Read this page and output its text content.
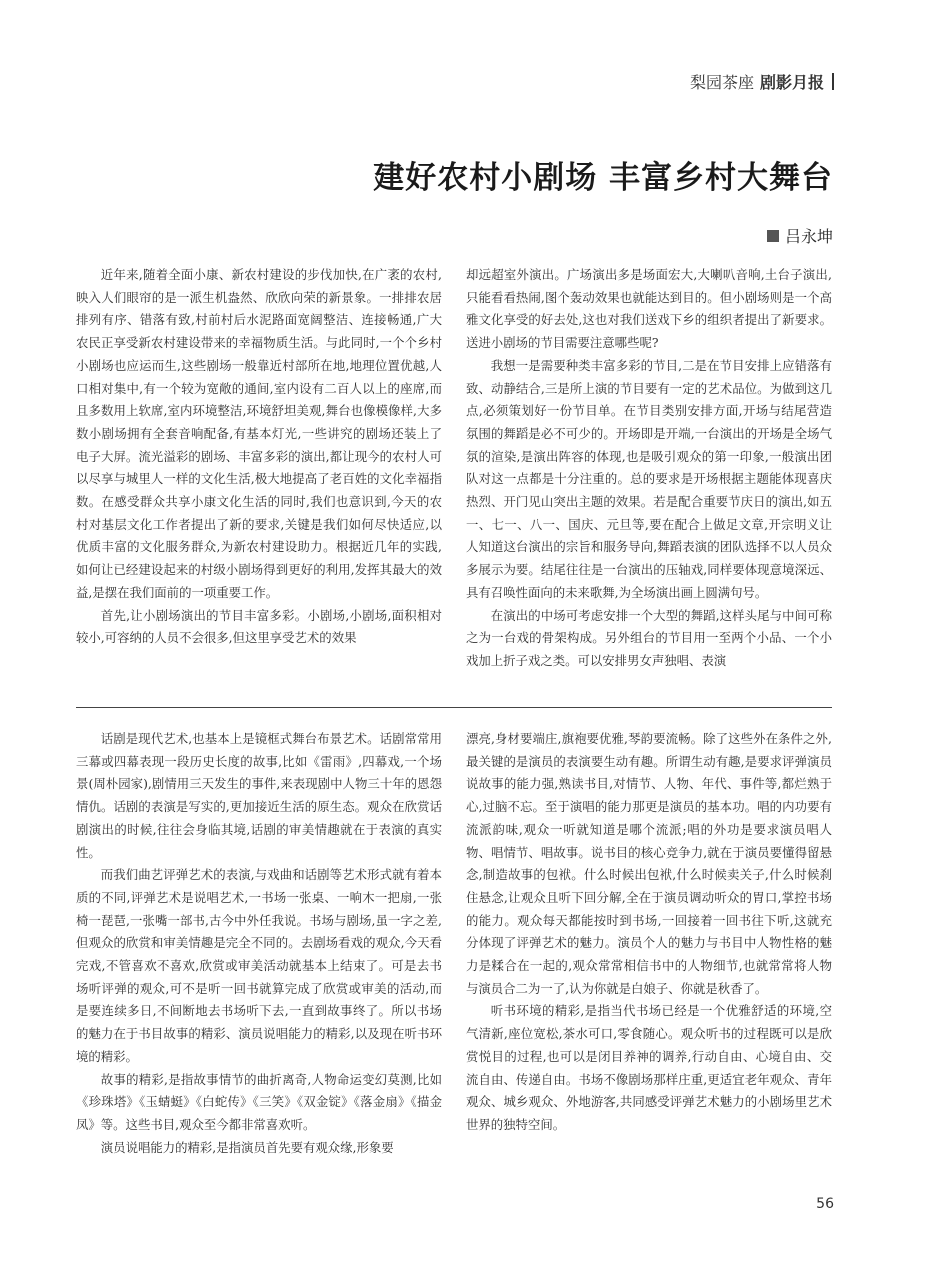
梨园茶座 剧影月报
建好农村小剧场 丰富乡村大舞台
吕永坤

近年来,随着全面小康、新农村建设的步伐加快,在广袤的农村,映入人们眼帘的是一派生机盎然、欣欣向荣的新景象。一排排农居排列有序、错落有致,村前村后水泥路面宽阔整洁、连接畅通,广大农民正享受新农村建设带来的幸福物质生活。与此同时,一个个乡村小剧场也应运而生,这些剧场一般靠近村部所在地,地理位置优越,人口相对集中,有一个较为宽敞的通间,室内设有二百人以上的座席,而且多数用上软席,室内环境整洁,环境舒坦美观,舞台也像模像样,大多数小剧场拥有全套音响配备,有基本灯光,一些讲究的剧场还装上了电子大屏。流光溢彩的剧场、丰富多彩的演出,都让现今的农村人可以尽享与城里人一样的文化生活,极大地提高了老百姓的文化幸福指数。在感受群众共享小康文化生活的同时,我们也意识到,今天的农村对基层文化工作者提出了新的要求,关键是我们如何尽快适应,以优质丰富的文化服务群众,为新农村建设助力。根据近几年的实践,如何让已经建设起来的村级小剧场得到更好的利用,发挥其最大的效益,是摆在我们面前的一项重要工作。

首先,让小剧场演出的节目丰富多彩。小剧场,小剧场,面积相对较小,可容纳的人员不会很多,但这里享受艺术的效果

却远超室外演出。广场演出多是场面宏大,大喇叭音响,土台子演出,只能看看热闹,图个轰动效果也就能达到目的。但小剧场则是一个高雅文化享受的好去处,这也对我们送戏下乡的组织者提出了新要求。送进小剧场的节目需要注意哪些呢?

我想一是需要种类丰富多彩的节目,二是在节目安排上应错落有致、动静结合,三是所上演的节目要有一定的艺术品位。为做到这几点,必须策划好一份节目单。在节目类别安排方面,开场与结尾营造氛围的舞蹈是必不可少的。开场即是开端,一台演出的开场是全场气氛的渲染,是演出阵容的体现,也是吸引观众的第一印象,一般演出团队对这一点都是十分注重的。总的要求是开场根据主题能体现喜庆热烈、开门见山突出主题的效果。若是配合重要节庆日的演出,如五一、七一、八一、国庆、元旦等,要在配合上做足文章,开宗明义让人知道这台演出的宗旨和服务导向,舞蹈表演的团队选择不以人员众多展示为要。结尾往往是一台演出的压轴戏,同样要体现意境深远、具有召唤性面向的未来歌舞,为全场演出画上圆满句号。

在演出的中场可考虑安排一个大型的舞蹈,这样头尾与中间可称之为一台戏的骨架构成。另外组台的节目用一至两个小品、一个小戏加上折子戏之类。可以安排男女声独唱、表演

话剧是现代艺术,也基本上是镜框式舞台布景艺术。话剧常常用三幕或四幕表现一段历史长度的故事,比如《雷雨》,四幕戏,一个场景(周朴园家),剧情用三天发生的事件,来表现剧中人物三十年的恩怨情仇。话剧的表演是写实的,更加接近生活的原生态。观众在欣赏话剧演出的时候,往往会身临其境,话剧的审美情趣就在于表演的真实性。

而我们曲艺评弹艺术的表演,与戏曲和话剧等艺术形式就有着本质的不同,评弹艺术是说唱艺术,一书场一张桌、一响木一把扇,一张椅一琵琶,一张嘴一部书,古今中外任我说。书场与剧场,虽一字之差,但观众的欣赏和审美情趣是完全不同的。去剧场看戏的观众,今天看完戏,不管喜欢不喜欢,欣赏或审美活动就基本上结束了。可是去书场听评弹的观众,可不是听一回书就算完成了欣赏或审美的活动,而是要连续多日,不间断地去书场听下去,一直到故事终了。所以书场的魅力在于书目故事的精彩、演员说唱能力的精彩,以及现在听书环境的精彩。

故事的精彩,是指故事情节的曲折离奇,人物命运变幻莫测,比如《珍珠塔》《玉蜻蜓》《白蛇传》《三笑》《双金锭》《落金扇》《描金凤》等。这些书目,观众至今都非常喜欢听。

演员说唱能力的精彩,是指演员首先要有观众缘,形象要

漂亮,身材要端庄,旗袍要优雅,琴韵要流畅。除了这些外在条件之外,最关键的是演员的表演要生动有趣。所谓生动有趣,是要求评弹演员说故事的能力强,熟读书目,对情节、人物、年代、事件等,都烂熟于心,过脑不忘。至于演唱的能力那更是演员的基本功。唱的内功要有流派韵味,观众一听就知道是哪个流派;唱的外功是要求演员唱人物、唱情节、唱故事。说书目的核心竞争力,就在于演员要懂得留悬念,制造故事的包袱。什么时候出包袱,什么时候卖关子,什么时候刹住悬念,让观众且听下回分解,全在于演员调动听众的胃口,掌控书场的能力。观众每天都能按时到书场,一回接着一回书往下听,这就充分体现了评弹艺术的魅力。演员个人的魅力与书目中人物性格的魅力是糅合在一起的,观众常常相信书中的人物细节,也就常常将人物与演员合二为一了,认为你就是白娘子、你就是秋香了。

听书环境的精彩,是指当代书场已经是一个优雅舒适的环境,空气清新,座位宽松,茶水可口,零食随心。观众听书的过程既可以是欣赏悦目的过程,也可以是闭目养神的调养,行动自由、心境自由、交流自由、传递自由。书场不像剧场那样庄重,更适宜老年观众、青年观众、城乡观众、外地游客,共同感受评弹艺术魅力的小剧场里艺术世界的独特空间。

56
